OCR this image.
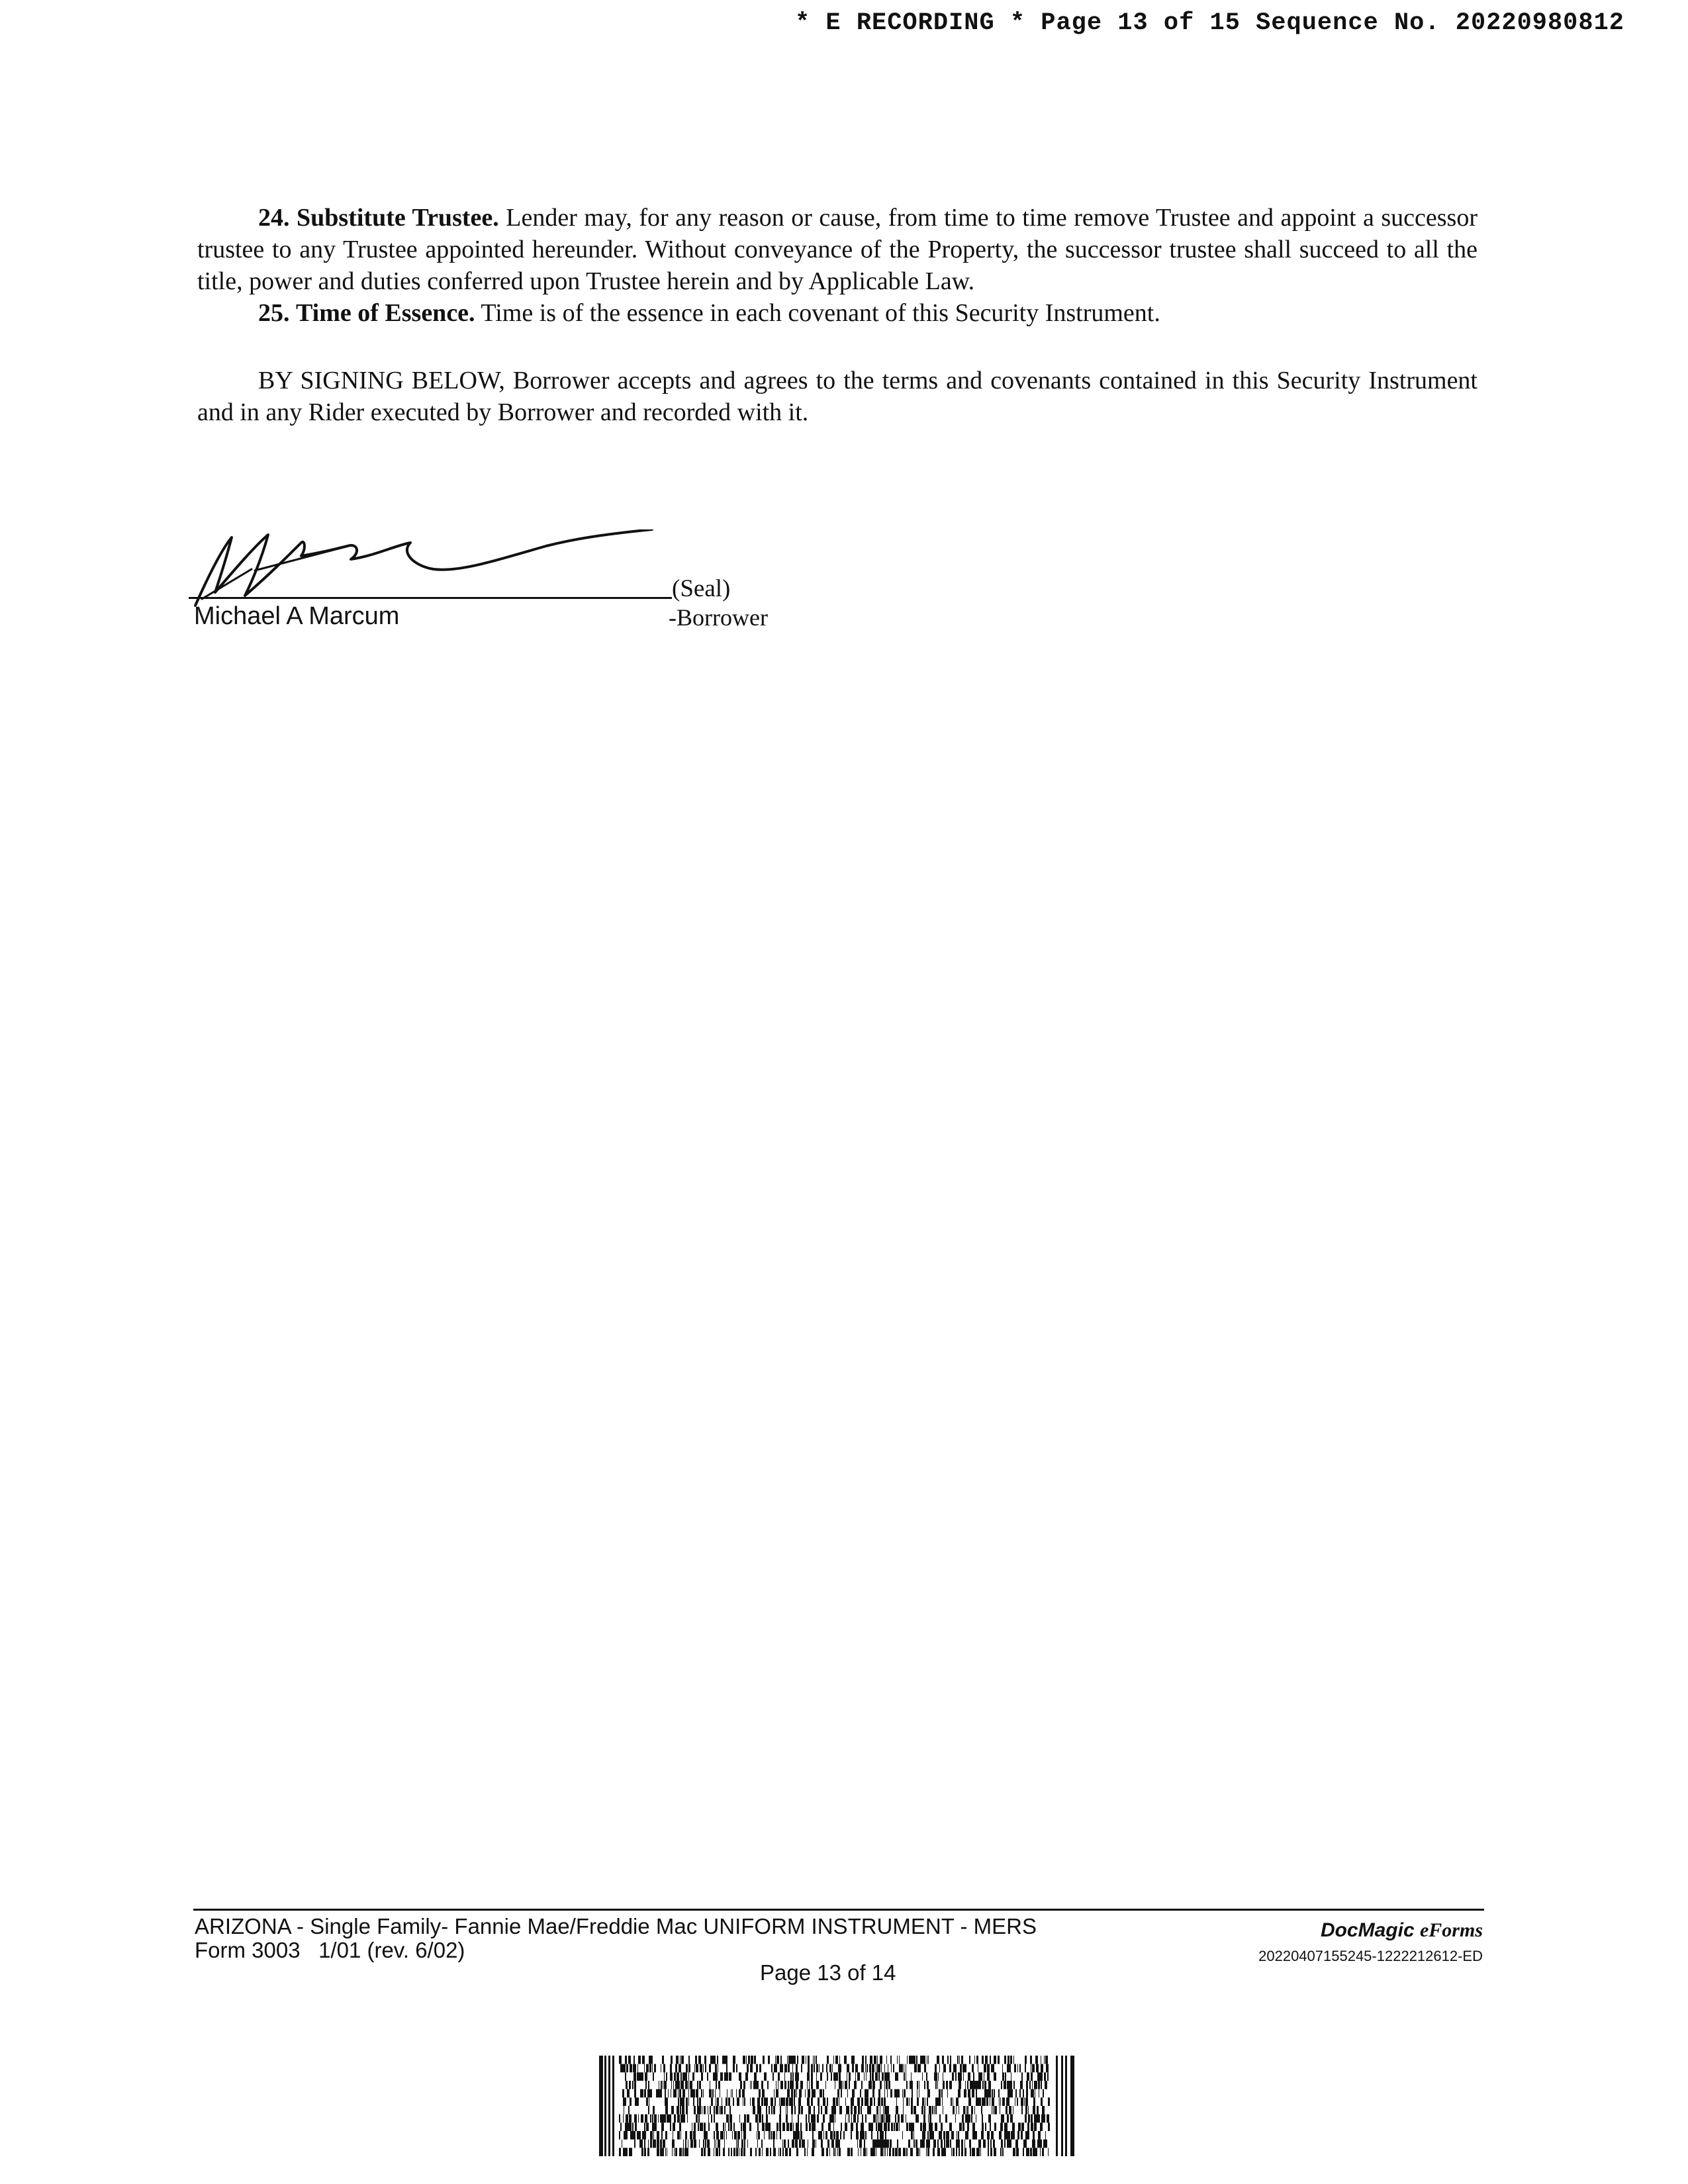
* E RECORDING * Page 13 of 15 Sequence No. 20220980812

24. Substitute Trustee. Lender may, for any reason or cause, from time to time remove Trustee and appoint a successor trustee to any Trustee appointed hereunder. Without conveyance of the Property, the successor trustee shall succeed to all the title, power and duties conferred upon Trustee herein and by Applicable Law.

25. Time of Essence. Time is of the essence in each covenant of this Security Instrument.

BY SIGNING BELOW, Borrower accepts and agrees to the terms and covenants contained in this Security Instrument and in any Rider executed by Borrower and recorded with it.

(Seal)
Michael A Marcum	-Borrower
ARIZONA - Single Family- Fannie Mae/Freddie Mac UNIFORM INSTRUMENT - MERS
Form 3003   1/01 (rev. 6/02)
Page 13 of 14
DocMagic eForms
20220407155245-1222212612-ED
